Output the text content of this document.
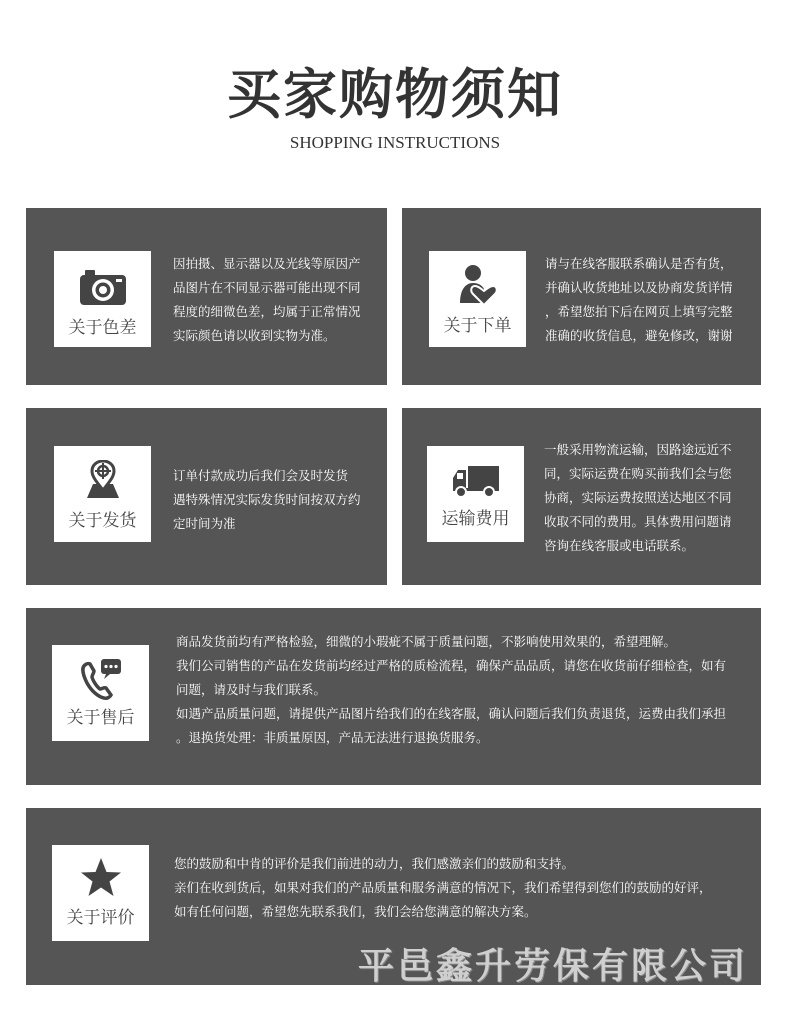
买家购物须知
SHOPPING INSTRUCTIONS
关于色差
因拍摄、显示器以及光线等原因产
品图片在不同显示器可能出现不同
程度的细微色差，均属于正常情况
实际颜色请以收到实物为准。	关于下单
请与在线客服联系确认是否有货，
并确认收货地址以及协商发货详情
，希望您拍下后在网页上填写完整
准确的收货信息，避免修改，谢谢
关于发货
订单付款成功后我们会及时发货
遇特殊情况实际发货时间按双方约
定时间为准	运输费用
一般采用物流运输，因路途远近不
同，实际运费在购买前我们会与您
协商，实际运费按照送达地区不同
收取不同的费用。具体费用问题请
咨询在线客服或电话联系。
关于售后
商品发货前均有严格检验，细微的小瑕疵不属于质量问题，不影响使用效果的，希望理解。
我们公司销售的产品在发货前均经过严格的质检流程，确保产品品质，请您在收货前仔细检查，如有
问题，请及时与我们联系。
如遇产品质量问题，请提供产品图片给我们的在线客服，确认问题后我们负责退货，运费由我们承担
。退换货处理：非质量原因，产品无法进行退换货服务。
关于评价
您的鼓励和中肯的评价是我们前进的动力，我们感激亲们的鼓励和支持。
亲们在收到货后，如果对我们的产品质量和服务满意的情况下，我们希望得到您们的鼓励的好评，
如有任何问题，希望您先联系我们，我们会给您满意的解决方案。
平邑鑫升劳保有限公司
